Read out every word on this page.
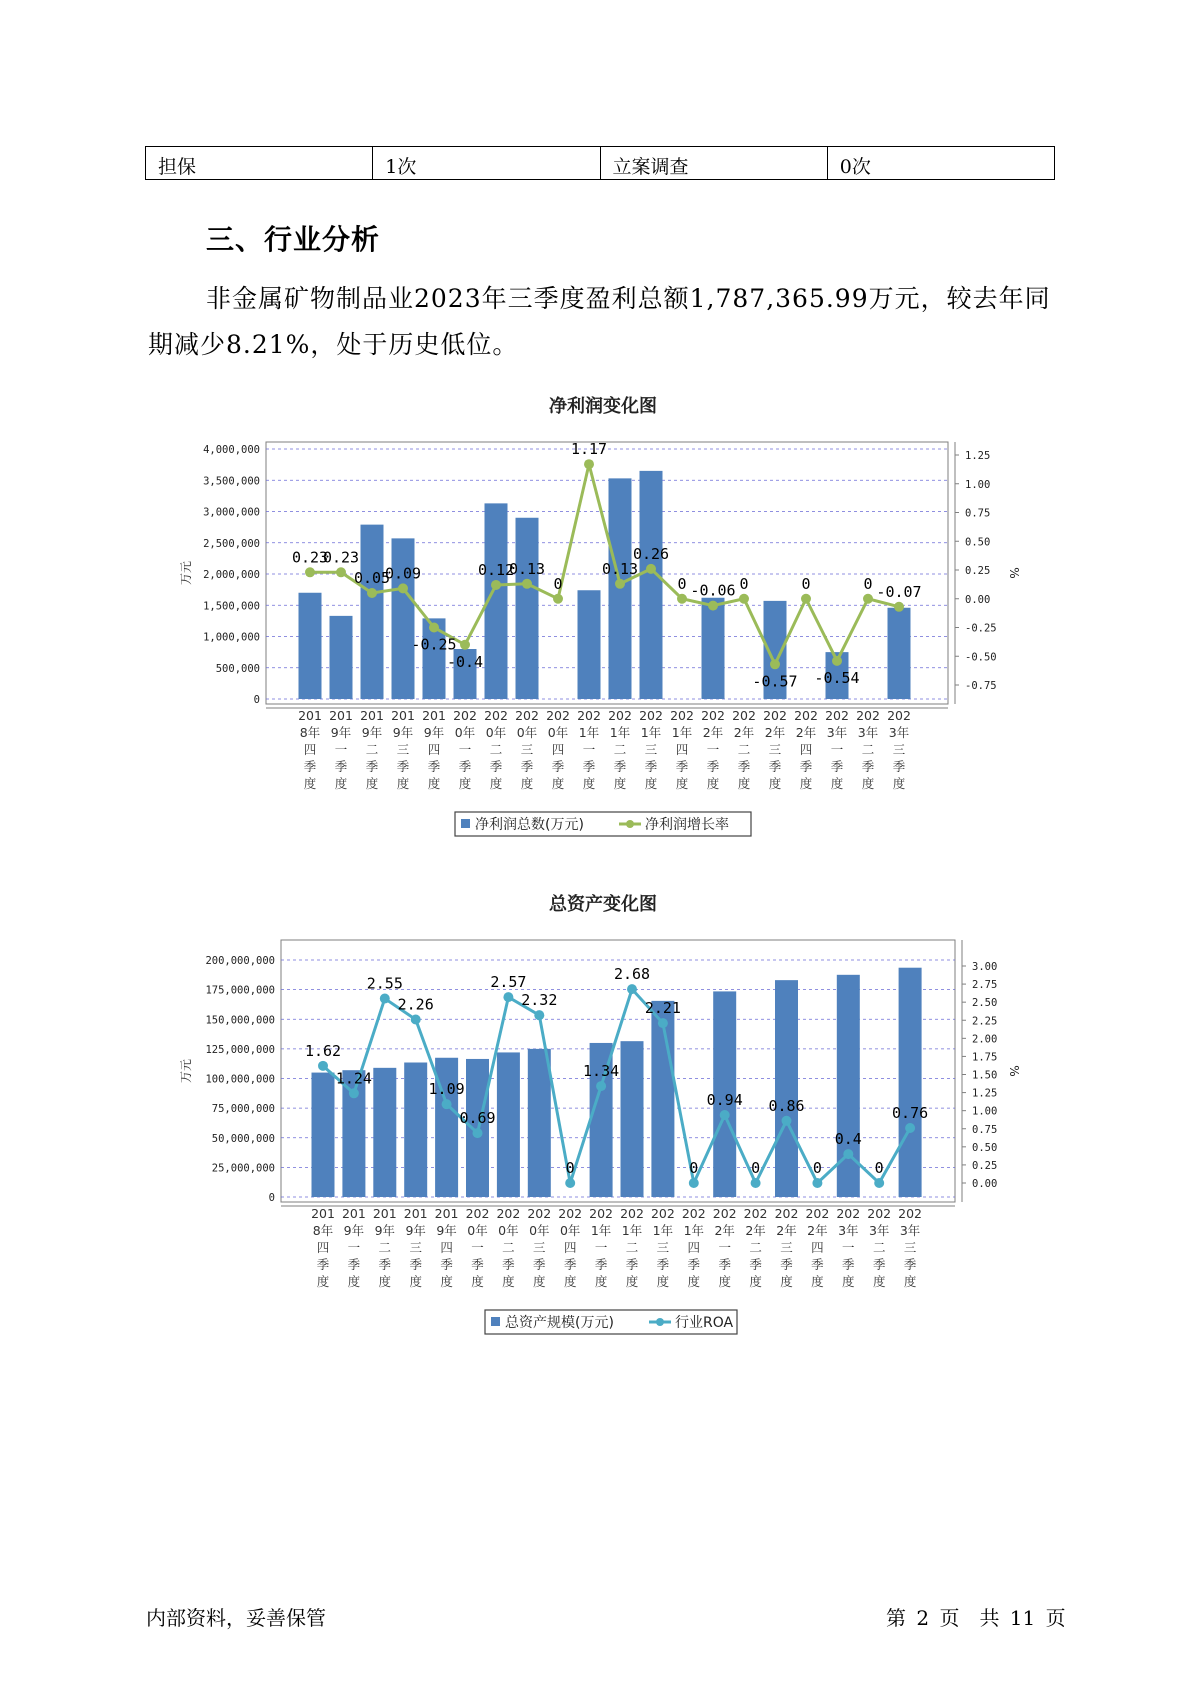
担保	1次	立案调查	0次
三、行业分析

非金属矿物制品业2023年三季度盈利总额1,787,365.99万元，较去年同期减少8.21%，处于历史低位。

净利润变化图
4,000,000
3,500,000
3,000,000
2,500,000
2,000,000
1,500,000
1,000,000
500,000
0
1.25
1.00
0.75
0.50
0.25
0.00
-0.25
-0.50
-0.75
万元	%
0.23
0.23
0.05
0.09
-0.25
-0.4
0.12
0.13
0
1.17
0.13
0.26
0 -0.06 0
-0.57
0
-0.54
0 -0.07
201
8年
四
季
度
201
9年
一
季
度
201
9年
二
季
度
201
9年
三
季
度
201
9年
四
季
度
202
0年
一
季
度
202
0年
二
季
度
202
0年
三
季
度
202
0年
四
季
度
202
1年
一
季
度
202
1年
二
季
度
202
1年
三
季
度
202
1年
四
季
度
202
2年
一
季
度
202
2年
二
季
度
202
2年
三
季
度
202
2年
四
季
度
202
3年
一
季
度
202
3年
二
季
度
202
3年
三
季
度
净利润总数(万元)	净利润增长率
总资产变化图
200,000,000
175,000,000
150,000,000
125,000,000
100,000,000
75,000,000
50,000,000
25,000,000
0
3.00
2.75
2.50
2.25
2.00
1.75
1.50
1.25
1.00
0.75
0.50
0.25
0.00
万元	%
1.62
1.24
2.55
2.26
1.09
0.69
2.57
2.32
0
1.34
2.68
2.21
0
0.94
0
0.86
0
0.4
0
0.76
201
8年
四
季
度
201
9年
一
季
度
201
9年
二
季
度
201
9年
三
季
度
201
9年
四
季
度
202
0年
一
季
度
202
0年
二
季
度
202
0年
三
季
度
202
0年
四
季
度
202
1年
一
季
度
202
1年
二
季
度
202
1年
三
季
度
202
1年
四
季
度
202
2年
一
季
度
202
2年
二
季
度
202
2年
三
季
度
202
2年
四
季
度
202
3年
一
季
度
202
3年
二
季
度
202
3年
三
季
度
总资产规模(万元)	行业ROA
内部资料，妥善保管	第 2 页　共 11 页
